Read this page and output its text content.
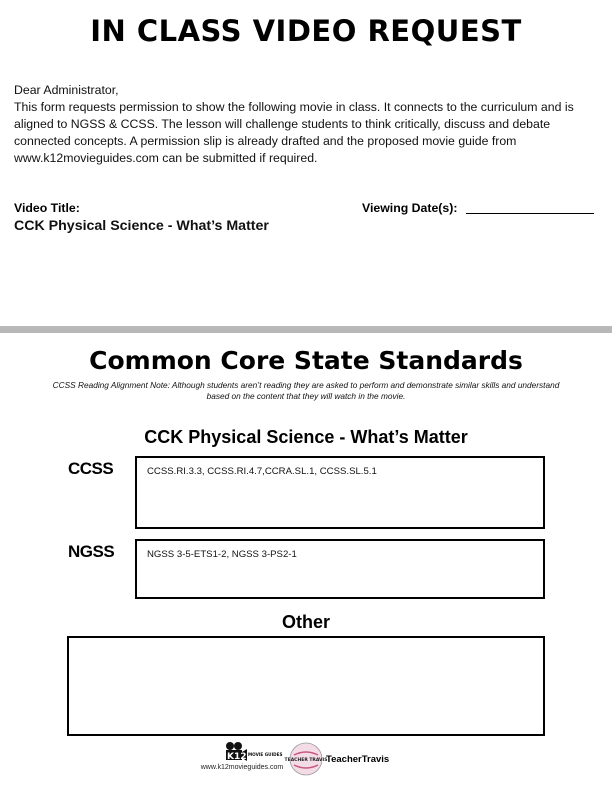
IN CLASS VIDEO REQUEST

Dear Administrator,

This form requests permission to show the following movie in class. It connects to the curriculum and is aligned to NGSS & CCSS. The lesson will challenge students to think critically, discuss and debate connected concepts. A permission slip is already drafted and the proposed movie guide from www.k12movieguides.com can be submitted if required.

Video Title:
CCK Physical Science - What’s Matter
Viewing Date(s):
Common Core State Standards
CCSS Reading Alignment Note: Although students aren’t reading they are asked to perform and demonstrate similar skills and understand based on the content that they will watch in the movie.
CCK Physical Science - What’s Matter
CCSS	CCSS.RI.3.3, CCSS.RI.4.7,CCRA.SL.1, CCSS.SL.5.1
NGSS	NGSS 3-5-ETS1-2, NGSS 3-PS2-1
Other
K12 MOVIE GUIDES
www.k12movieguides.com
TEACHER TRAVIS
TeacherTravis
